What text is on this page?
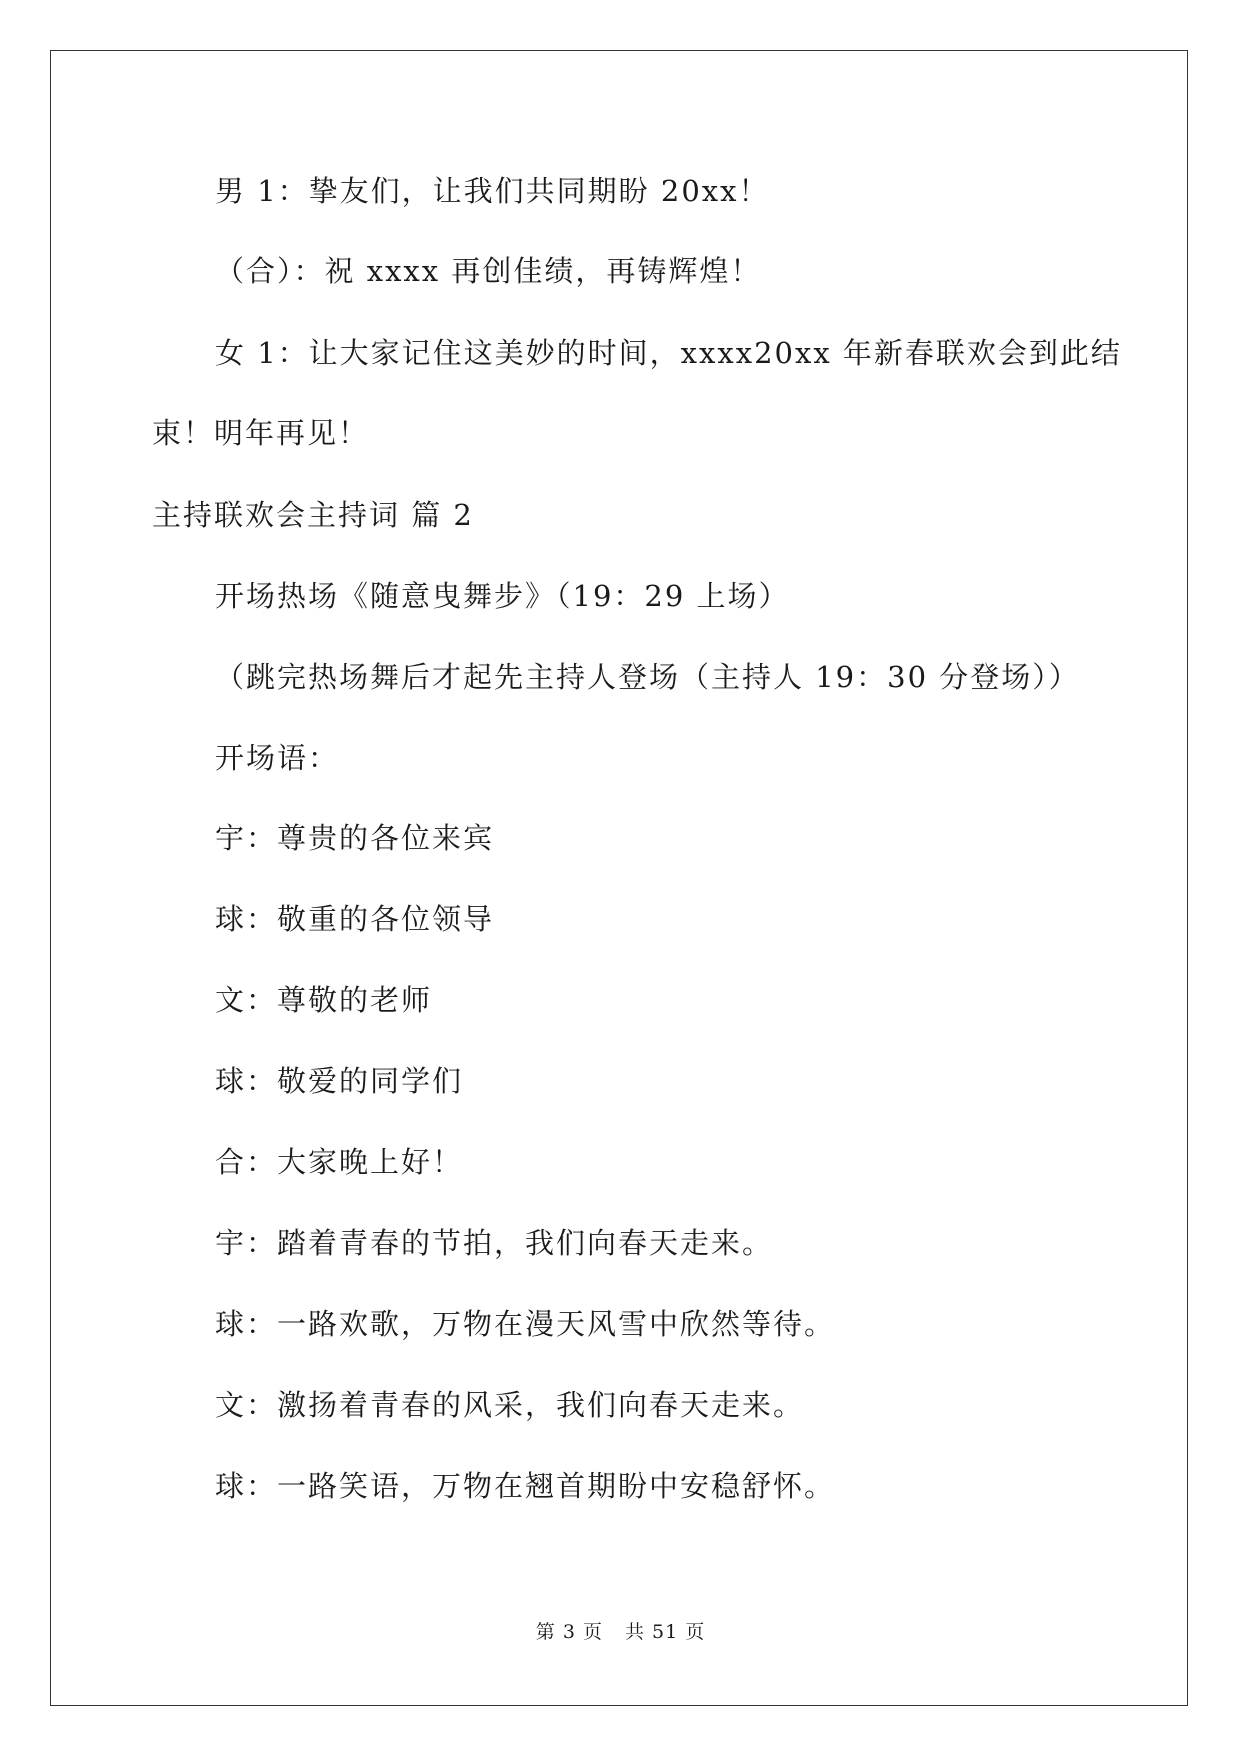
男 1：挚友们，让我们共同期盼 20xx！
（合）：祝 xxxx 再创佳绩，再铸辉煌！
女 1：让大家记住这美妙的时间，xxxx20xx 年新春联欢会到此结
束！明年再见！
主持联欢会主持词 篇 2
开场热场《随意曳舞步》（19：29 上场）
（跳完热场舞后才起先主持人登场（主持人 19：30 分登场））
开场语：
宇：尊贵的各位来宾
球：敬重的各位领导
文：尊敬的老师
球：敬爱的同学们
合：大家晚上好！
宇：踏着青春的节拍，我们向春天走来。
球：一路欢歌，万物在漫天风雪中欣然等待。
文：激扬着青春的风采，我们向春天走来。
球：一路笑语，万物在翘首期盼中安稳舒怀。
第 3 页 共 51 页
